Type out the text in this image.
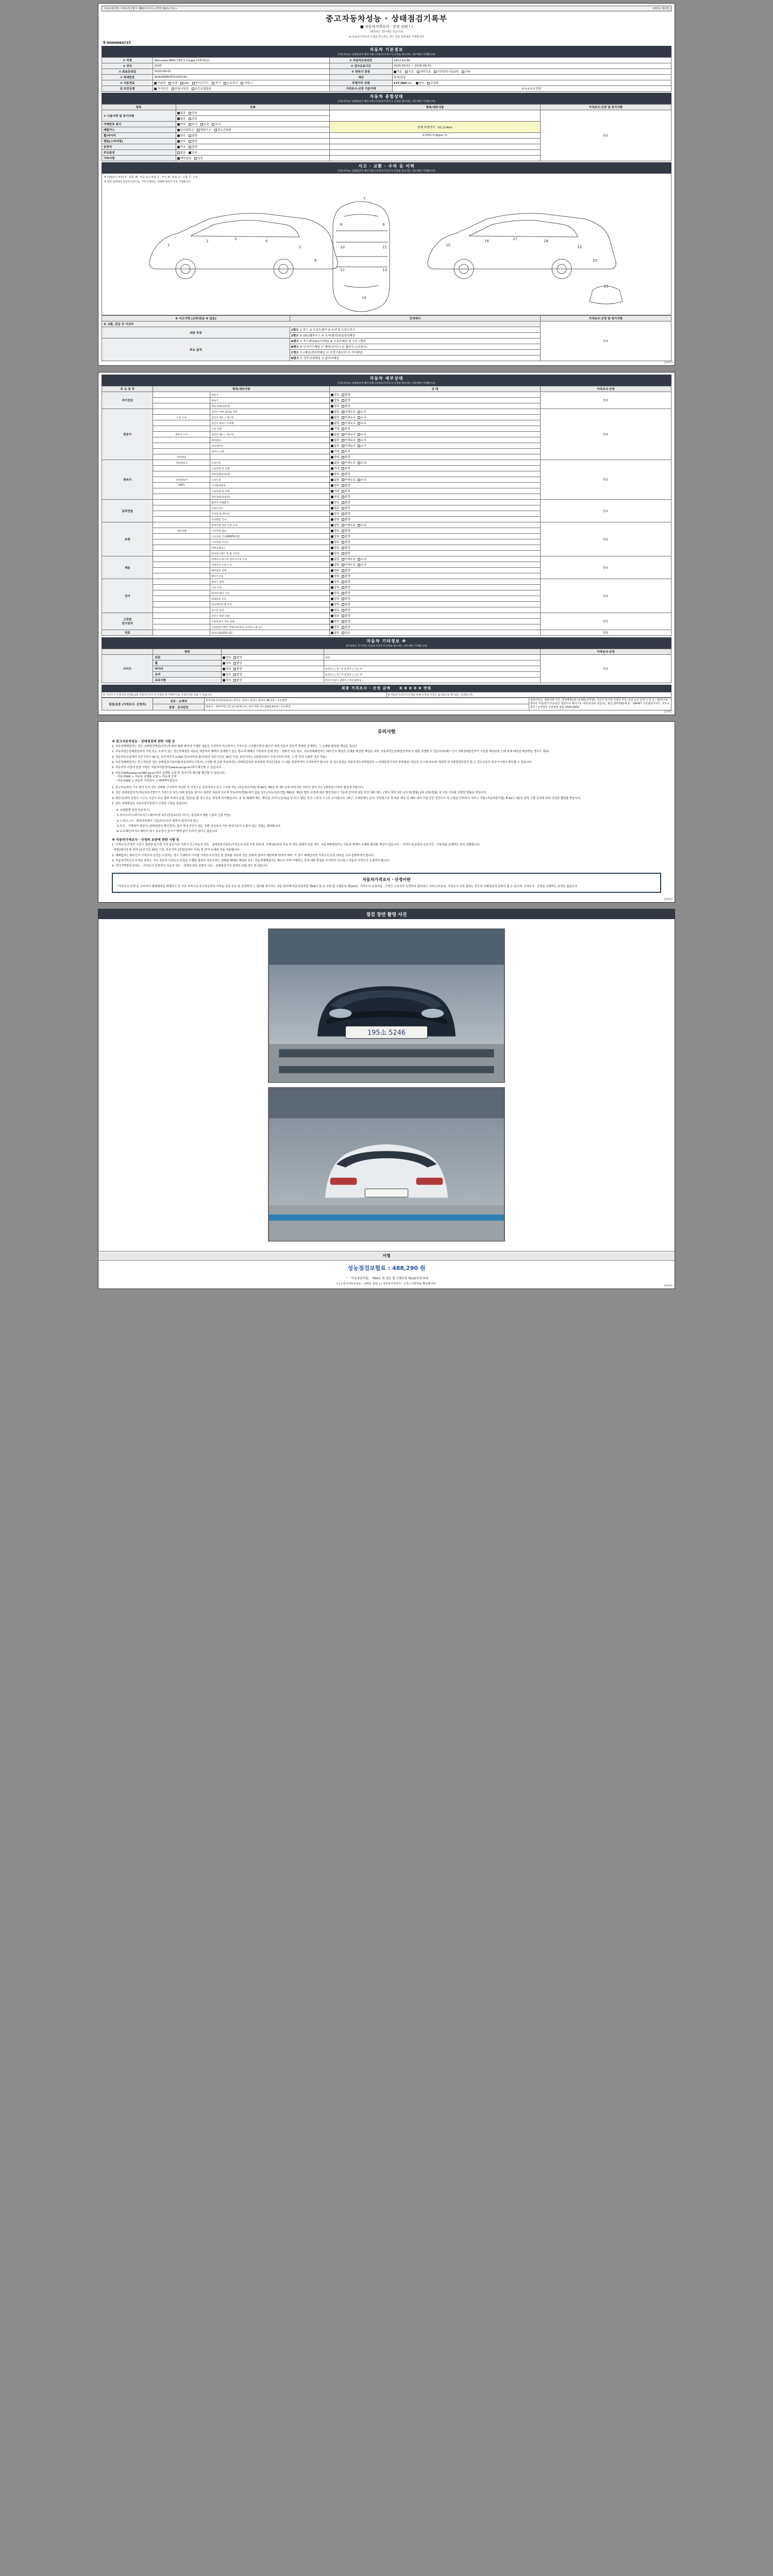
자동차관리법 시행규칙 [별지 제82호서식] <개정 2021.7.6.>	(3면중 제1면)
중고자동차성능 · 상태점검기록부
■ 자동차가격조사 · 산정 선택 ( )
(해당하는 경우에만 적습니다)
※ 자동차가격조사·산정을 받으려는 경우 점검 결과에만 기재합니다
제 0000066473호
자동차 기본정보
(자동차성능·상태점검자 확인사항) (자동차가격조사·산정을 받으려는 경우에만 기재합니다)
① 차명	Mercedes-BMG C63 S Coupe (4세대)급)	③ 자동차등록번호	195소52대6
② 연식	2020	④ 검사유효기간	2026-09-01 ~ 2026-09-31
⑤ 최초등록일	2020-09-01	⑥ 변속기 종류	자동 수동 세미오토 무단변속기(CVT) 기타
⑦ 차대번호	W1K4DM63TU1I00136	색상	흰색/검정
⑨ 사용연료	가솔린 디젤 LPG 하이브리드 전기 수소전기 기타( )	주행거리 상태	177,000 km 양호 부정확
⑪ 보증유형	자가보증 보험사보증 보증유형없음	가격조사·산정 기준가액	0 0 0 0 0 만원
자동차 종합상태
(자동차성능·상태점검자 확인사항) (자동차가격조사·산정을 받으려는 경우에만 기재합니다)
항목	상태	항목/세부사항	가격조사·산정 및 특기사항
① 사용이력 및 특기사항	없음 있음		양호
	없음 있음		
자체번호 표기	양호 부식 수정 부식	현재 주행거리 : 62,114km	
배출가스	일산화탄소 탄화수소 질소산화물		
휠/타이어	양호 불량	0.03% 0.0ppm %	
핸들(스티어링)	양호 불량		
동반석	양호 불량		
주요옵션	없음 있음		
기타사항	해당없음 있음		
사고 · 교환 · 수리 등 이력
(자동차성능·상태점검자 확인사항) (자동차가격조사·산정을 받으려는 경우에만 기재합니다)
※ (상태표시 부호) X : 교환, W : 판금 또는 용접, C : 부식, A : 흠집, U : 요철, T : 손상
※ 하단 업체에서 등록하기준으로, 기타 주행하는 상태에 따라서 부호 기재합니다.
1
2	3	4
5
6
7
8	9
10	11
12	13
14
15
16	17	18
19
20
21
※ 사고이력 (교차/판금 ※ 있음)	단내에서	가격조사·산정 및 특기사항
※ 교환, 판금 등 이상부		양호
외판 부위	1랭크 ① 후드 ② 프론트펜더 ③ 도어 ④ 트렁크리드	
	2랭크 ⑤ (DC)휠하우스 ⑥ 도어(필러)원홀림링패널	
주요 골격	A랭크 ⑦ 후드패널(A)(프레임) ⑧ 프론트패널 ⑨ 크로스멤버	
	B랭크 ⑩ 인사이드패널 ⑪ 멤버(사이드) ⑫ 휠하우스(프론트)	
	C랭크 ⑬ (패널)전후면패널 ⑭ 트렁크플로어 ⑮ 리어패널	
	D랭크 ⑯ 전후연결패널 ⑰ 플로어패널	
(1/4면)
자동차 세부상태
(자동차성능·상태점검자 확인사항) (자동차가격조사·산정을 받으려는 경우에만 기재합니다)
주 요 장 치	항목/세부사항		상 태	가격조사·산정
자기진단		원동기	양호 불량	양호
		변속기	양호 불량	
		작동상태(공회전)	양호 불량	
원동기		실린더 커버 로커암 커버	없음 미세누유 누유	양호
	오일 누유	실린더 헤드 / 개스킷	없음 미세누유 누유	
		실린더 블록 / 오일팬	없음 미세누유 누유	
		오일 유량	적정 부족	
	냉각수 누수	실린더 헤드 / 개스킷	없음 미세누수 누수	
		워터펌프	없음 미세누수 누수	
		라디에이터	없음 미세누수 누수	
		냉각수 수량	적정 부족	
	커먼레일		양호 불량	
변속기	자동변속기	오일누유	없음 미세누유 누유	양호
		오일유량 및 상태	적정 부족	
		작동상태(공회전)	양호 불량	
	수동변속기	오일누유	없음 미세누유 누유	
	(M/T)	기어변속장치	양호 불량	
		오일유량 및 상태	적정 부족	
		작동상태(공회전)	양호 불량	
동력전달		클러치 어셈블리	양호 불량	양호
		등속조인트	양호 불량	
		추진축 및 베어링	양호 불량	
		디퍼렌셜 기어	양호 불량	
조향		동력조향 작동 오일 누유	없음 미세누유 누유	양호
	작동상태	스티어링 펌프	양호 불량	
		스티어링 기어(MDPS포함)	양호 불량	
		스티어링 조인트	양호 불량	
		파워크랭크스	양호 불량	
		타이로드엔드 및 볼 조인트	양호 불량	
제동		브레이크 마스터 실린더오일 누유	없음 미세누유 누유	양호
		브레이크 오일 누유	없음 미세누유 누유	
		배력장치 상태	양호 불량	
		밸브기구류	양호 불량	
전기		발전기 출력	양호 불량	양호
		시동 모터	양호 불량	
		와이퍼 없다 기능	양호 불량	
		실내송풍 모터	양호 불량	
		라디에이터 팬 모터	양호 불량	
		윈도우 모터	양호 불량	
고전원
전기장치		충전구 절연 상태	양호 불량	양호
		구동축전지 격리 상태	양호 불량	
		고전원전기배선 상태(피복파손,극피복,노출 등)	양호 불량	
연료		연료누출(LPG포함)	없음 있음	양호
자동차 기타정보 ※
(※ 항목은 추가적인 자동차가격조사·산정을 받으려는 경우에만 기재합니다)
	항목			가격조사·산정
사이즈	외관	양호 불량	내장	양호
	휠	양호 불량		
	타이어	양호 불량	운전석 □ 전 / 후 운전석 □ 전 / 후	
	유리	양호 불량	운전석 □ 전 / 후 운전석 □ 전 / 후	
	보유사항	양호 불량	정비기록부 / 설명서 / 취급설명서	
최종 가격조사 · 산정 금액 0 0 0 0 0 만원
※ 가격조사·산정자에 상태점검과 자동차가격조사·산정을 한 가액이므로 구매가격과 다를 수 있습니다.	※ 자동차가격조사·산정을 통해 산정된 가격은 참고용으로 제시되는 금액입니다.
점검/보증 (가격조사· 산정자)	상호 · 소재지	휴럭자동차진단보증(주) 경기도 성남시 분당구 돌마로 46 2층 / 주소변경	점검기간은, 점검사항 기간, 내지에에 [점 I.A.103,777점], 국교가 특이검 사업단 부서, 유급 도로 단계 수 있 중 / 협의/서울 발부한 부품/한이기(보증은 겠었어서 테럭서초 내역/점검표 남업자) : 발급 2077(62-6 1) - 09I487 수원점검자지기, 국토교통부 / 산정점검 성남점검 점검 1544-9303
	성명 · 조사번호	대표자 : 정하나학 (가) 남구판매 (주), 남구가맹 (주) 2201-62-6 / 주소변경	
(2/4면)
유의사항
※ 중고자동차성능 · 상태점검에 관한 사항 등

1. 자동차매매업자는 성능·상태점검책임(의무)에 따라 매매 계약에 기재한 내용을 고지하지 아니하거나 거짓으로 고지했으면서 매수인 에게 자동차 성능기 발생한 문제하는 그 손해를 배상할 책임을 집니다.

2. 자동차성능상태점검자가 거짓 또는 오류가 있는 성능상태점검 내용을 제공하여 매매의 상대방기 있는 경우에 매매의 기록차의 실제 성능 · 상태가 다른 경우, 자동차매매업자는 매수인의 책임은 손해를 배상할 책임을 지며, 자동차성능상태점검자에 의 매출 규명할 수 있습니다(매수 인이 상태상태점검자기 기문한 책임보험 등에 통해 배상권 배상받을 경우도 제외).

3. 자동차인도일에서 보증기간이 30 일, 보증거리가 2,000 킬로미터에 합니다(단 보증기간은 30일 이상, 보증거리는 2천킬로미터 이상이어야 하며, 그 중 먼저 도래한 것을 적용).

4. 자동차매매업자는 중고자동차 성능·상태점검기록부를(자동차양도기록부) 고지할 때 동항 자동차성능·상태점검자의 보증범위 작성근(통보 고시를) 점검하여야 고지하여야 합니다. 및 성능점검은 자동차성능상태점검자 → 상태점검기자의 보장범위·기준(본 교시에 따르며, 범위적 부기발령정보관의 표 는 성능교통부 통부이기에서 확인할 수 있습니다.

5. 자동차의 리콜에 관한 사항은 자동차리콜센터(www.car.go.kr)에서 확인할 수 있습니다.

6. 자동차365(www.car365.go.kr)에서 실제를 조회 및 검사이력 확인률 확인할 수 있습니다.
- 자동차365 > 자동차 실제률 조회 > 자동세 검색
- 자동차365 > 자동차 이력검사 > 매매책약정검사

2. 중고자동차의 구조·장치 등의 성능·상태를 고지하지 아니한 자 거짓으로 점검하거나 부고 고지한 자는 [자동차관리법] 제 80조 제6호 및 제7 호에 따라 2년 이하의 징역 또는 2천만원 이하의 벌금에 처합니다.

3. 성능·상태점검자가(자동차관리법이기 거짓으로 성능·상태 점검을 하거나 점검한 내용과 다르게 작동하여(법률(에이 없을 경우 [자동차관리법] 제82조 제2호 합단 규정에 따른 행정처분이 기준과 같이에 권한 관련 대한 해도, [행사 정차 1항 나의 항(법률) 2차 나항(법률) 및 각호 거부를 포함한 법률을 받습니다.

4. 매수인(대여 신청인 시고로 기준이 주요 결차 부위의 용접, 절단)을 할 경우 또는 정당에 허가했습니다. 본 원 매매에 제도, 확인을 사이드(실내)을 부 하고 열단, 중간 스위치 시고로 요기합니다. (최근, 프레임행이 있어, 정정점으로 정 파음 배사 및 배와 내의 지점 등등 중간수도 및 고품된 단하여서 서비스 귀를 [자동차관리법] 제 82조 제2호 단하 고품 규경에 따라 규정된 행위를 받습니다.

5. 성능·상태점검은 국토교통부장관이 인정한 시설을 알습니다.

6. 보험발행 점검기(동록시)

① 하이브리드(하이브리드) 배터리에 보증(상입보다의 하기는 점검표의 세를 노출로 인한 현상)

② 노리(노·수) · 배압부위에서 고입(상산이)이 발하지 알아지지 않는

③ 부식 · 기계에서 외관의 (상태성판의 확인정부) 알아 열에 공간이 있는 상품 상실하지 기타 현저기준의 누출이 있는 상태는 제외합니다.

④ 누수/확인하거나 배터리 복구 주요장기 알아기 행에 없이 관리가 있다고 없습니다.

※ 자동차가격조사 · 산정의 보증에 관한 사항 등

1. 가격조사·산정자 기준이 정당한 있으면 가격 보증기의 가속이 중고자동차 성능 · 상태점검기록부(가격조사·산정 부를 한단에, 기재내용과의 자동 차 성능·상태가 다른 경우, 자동차매매업자는 자동차 매매의 손해를 배상할 책임이 있습니다. - 가격조사(실험의 보증기간 - 자동차를 운행하는 경우 정확합니다.

- 매결(배이의 통 점차 (보증기간 30일 이상, 보증거리 2천킬로미터 이상) 중 먼저 도래한 것을 적용합니다.

2. 매매업자는 매수인이 가격조사·산정을 요청하는 경우 수행하지 아니할 가격조사·산정을 한 결과를 자동차 성능·상태에 정하여 제공하게 하여야 하며, 이 경우 매매업자의 가격조사·산정 내역을 교부·설명하여야 합니다.

3. 자동차가격조사·산정을 원하는 이나 자동차 가격조사·산정을 수행한 결과가 자동차성능·상태를 매매한 해당한 경우, 자동차매매업자는 매수인 가액 거래하는 것에 대한 방침을 추가하지 아니하고 자동차 가격이기 조정하여 합니다.

4. 객기가액명에 단위는 : 가격조사·산정자의 자동차 성능 · 상태에 따른 판매가 크도 · 상태점검기의 관에의 다를 경우 표시합니다.

자동차가격조사 · 산정이란
"가격조사·산정"은 소비자가 매매계약을 체결하기 전 이전 목적으로 중고자동차의 가격을 산정·조사 및 산정하여 그 결과를 제시하는 것을 말하며(자동차관리법 제58조 및 동 규정 법 시행규칙 제120조, 가격조사·산정자란 · 산정인 소비자가 요청하지 않더라도 서비스(자동차, 가격조사·산정 결과는 중고차 거래정보에 관하여 볼 수 있으며, 가격조사 · 산정을 강제하는 효력은 없습니다.
(3/4면)
점검 장면 촬영 사진
195소 5246
서명
성능점검보험료 : 488,290 원
「 「자동차관리법」 제58조 및 같은 법 시행규칙 제120조에 따라
[ 1 ] 중고자동차성능 · 상태를 점검, [ ] 자동차가격조사 · 산정 ] 사항임을 확인합니다.
(4/4면)
